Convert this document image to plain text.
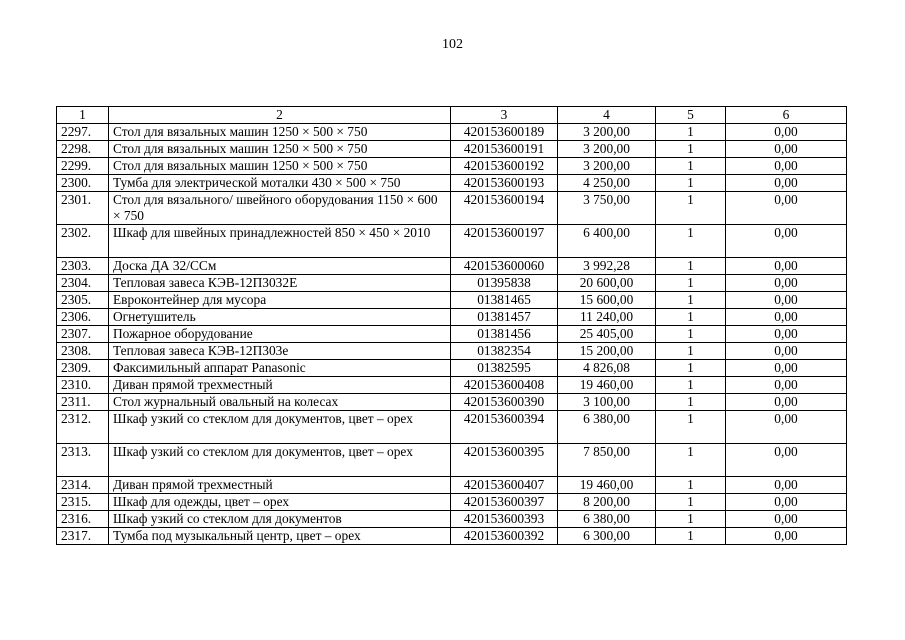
102
1	2	3	4	5	6
2297.	Стол для вязальных машин 1250 × 500 × 750	420153600189	3 200,00	1	0,00
2298.	Стол для вязальных машин 1250 × 500 × 750	420153600191	3 200,00	1	0,00
2299.	Стол для вязальных машин 1250 × 500 × 750	420153600192	3 200,00	1	0,00
2300.	Тумба для электрической моталки 430 × 500 × 750	420153600193	4 250,00	1	0,00
2301.	Стол для вязального/ швейного оборудования 1150 × 600 × 750	420153600194	3 750,00	1	0,00
2302.	Шкаф для швейных принадлежностей 850 × 450 × 2010	420153600197	6 400,00	1	0,00
2303.	Доска ДА 32/ССм	420153600060	3 992,28	1	0,00
2304.	Тепловая завеса КЭВ-12П3032Е	01395838	20 600,00	1	0,00
2305.	Евроконтейнер для мусора	01381465	15 600,00	1	0,00
2306.	Огнетушитель	01381457	11 240,00	1	0,00
2307.	Пожарное оборудование	01381456	25 405,00	1	0,00
2308.	Тепловая завеса КЭВ-12П303е	01382354	15 200,00	1	0,00
2309.	Факсимильный аппарат Panasonic	01382595	4 826,08	1	0,00
2310.	Диван прямой трехместный	420153600408	19 460,00	1	0,00
2311.	Стол журнальный овальный на колесах	420153600390	3 100,00	1	0,00
2312.	Шкаф узкий со стеклом для документов, цвет – орех	420153600394	6 380,00	1	0,00
2313.	Шкаф узкий со стеклом для документов, цвет – орех	420153600395	7 850,00	1	0,00
2314.	Диван прямой трехместный	420153600407	19 460,00	1	0,00
2315.	Шкаф для одежды, цвет – орех	420153600397	8 200,00	1	0,00
2316.	Шкаф узкий со стеклом для документов	420153600393	6 380,00	1	0,00
2317.	Тумба под музыкальный центр, цвет – орех	420153600392	6 300,00	1	0,00
